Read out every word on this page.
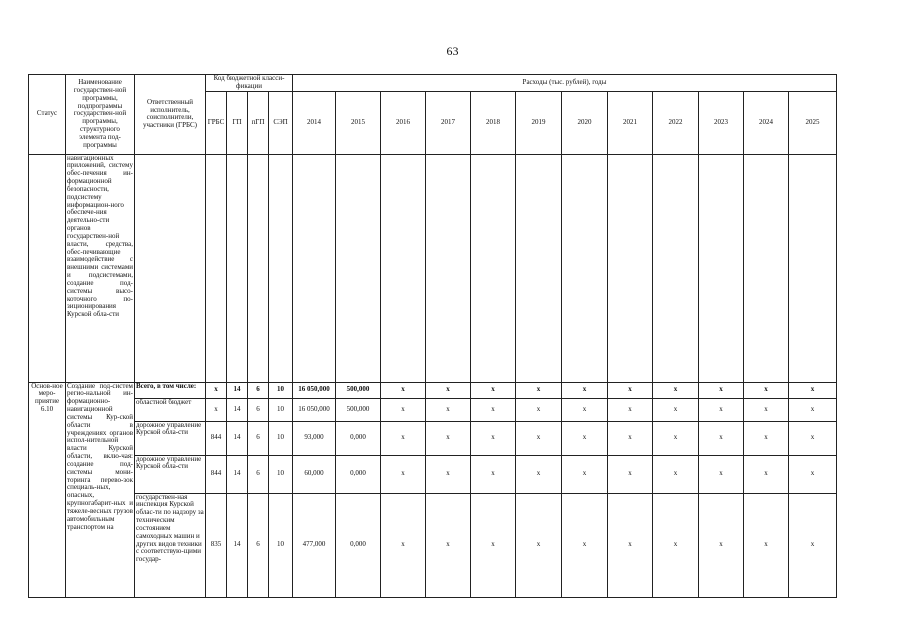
63
Статус	Наименование государствен-ной программы, подпрограммы государствен-ной программы, структурного элемента под-программы	Ответственный исполнитель, соисполнители, участники (ГРБС)	Код бюджетной класси-фикации				Расходы (тыс. рублей), годы											
			ГРБС	ГП	пГП	СЭП	2014	2015	2016	2017	2018	2019	2020	2021	2022	2023	2024	2025
	навигационных приложений, систему обес-печения ин-формационной безопасности, подсистему информацион-ного обеспече-ния деятельно-сти органов государствен-ной власти, средства, обес-печивающие взаимодействие с внешними системами и подсистемами, создание под-системы высо-коточного по-зиционирования Курской обла-сти																	
Основ-ное меро-приятие 6.10	Создание под-систем регио-нальной ин-формационно-навигационной системы Кур-ской области в учреждениях органов испол-нительной власти Курской области, вклю-чая: создание под-системы мони-торинга перево-зок специаль-ных, опасных, крупногабарит-ных и тяжеле-весных грузов автомобильным транспортом на	Всего, в том числе:	x	14	6	10	16 050,000	500,000	x	x	x	x	x	x	x	x	x	x
		областной бюджет	x	14	6	10	16 050,000	500,000	x	x	x	x	x	x	x	x	x	x
		дорожное управление Курской обла-сти	844	14	6	10	93,000	0,000	x	x	x	x	x	x	x	x	x	x
		дорожное управление Курской обла-сти	844	14	6	10	60,000	0,000	x	x	x	x	x	x	x	x	x	x
		государствен-ная инспекция Курской облас-ти по надзору за техническим состоянием самоходных машин и других видов техники с соответствую-щими государ-	835	14	6	10	477,000	0,000	x	x	x	x	x	x	x	x	x	x
